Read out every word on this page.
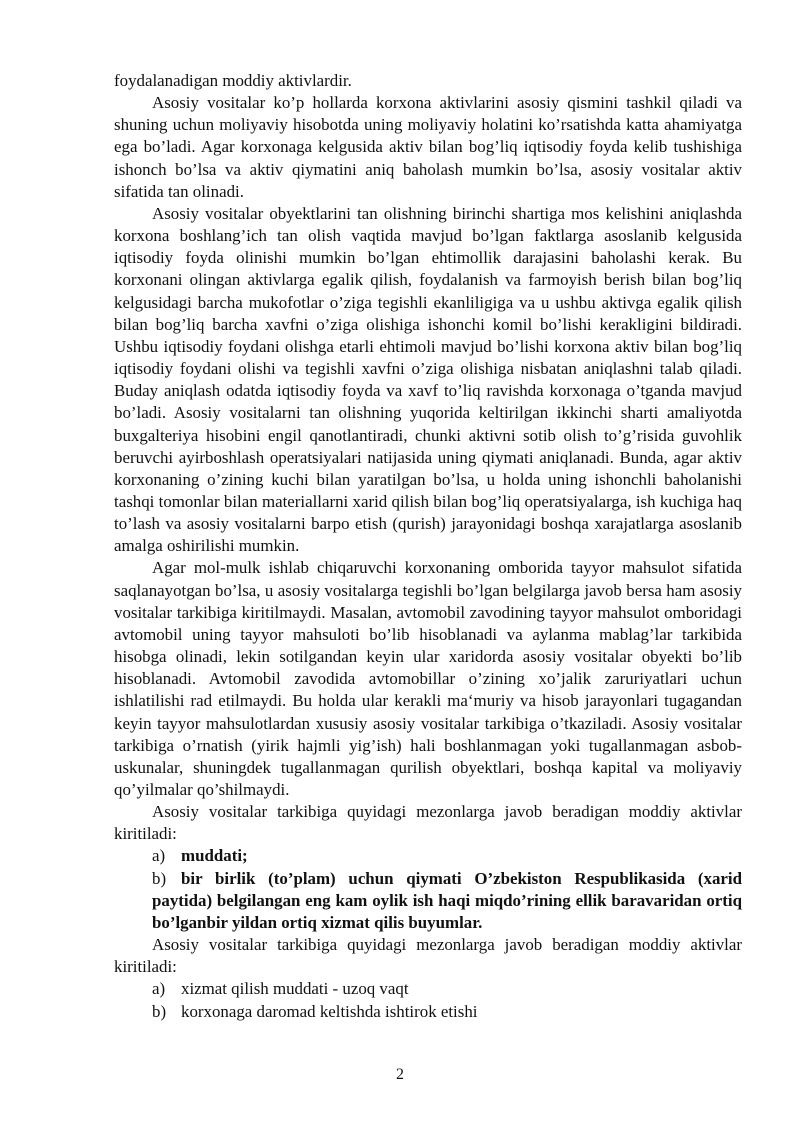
foydalanadigan moddiy aktivlardir.

Asosiy vositalar ko’p hollarda korxona aktivlarini asosiy qismini tashkil qiladi va shuning uchun moliyaviy hisobotda uning moliyaviy holatini ko’rsatishda katta ahamiyatga ega bo’ladi. Agar korxonaga kelgusida aktiv bilan bog’liq iqtisodiy foyda kelib tushishiga ishonch bo’lsa va aktiv qiymatini aniq baholash mumkin bo’lsa, asosiy vositalar aktiv sifatida tan olinadi.

Asosiy vositalar obyektlarini tan olishning birinchi shartiga mos kelishini aniqlashda korxona boshlang’ich tan olish vaqtida mavjud bo’lgan faktlarga asoslanib kelgusida iqtisodiy foyda olinishi mumkin bo’lgan ehtimollik darajasini baholashi kerak. Bu korxonani olingan aktivlarga egalik qilish, foydalanish va farmoyish berish bilan bog’liq kelgusidagi barcha mukofotlar o’ziga tegishli ekanliligiga va u ushbu aktivga egalik qilish bilan bog’liq barcha xavfni o’ziga olishiga ishonchi komil bo’lishi kerakligini bildiradi. Ushbu iqtisodiy foydani olishga etarli ehtimoli mavjud bo’lishi korxona aktiv bilan bog’liq iqtisodiy foydani olishi va tegishli xavfni o’ziga olishiga nisbatan aniqlashni talab qiladi. Buday aniqlash odatda iqtisodiy foyda va xavf to’liq ravishda korxonaga o’tganda mavjud bo’ladi. Asosiy vositalarni tan olishning yuqorida keltirilgan ikkinchi sharti amaliyotda buxgalteriya hisobini engil qanotlantiradi, chunki aktivni sotib olish to’g’risida guvohlik beruvchi ayirboshlash operatsiyalari natijasida uning qiymati aniqlanadi. Bunda, agar aktiv korxonaning o’zining kuchi bilan yaratilgan bo’lsa, u holda uning ishonchli baholanishi tashqi tomonlar bilan materiallarni xarid qilish bilan bog’liq operatsiyalarga, ish kuchiga haq to’lash va asosiy vositalarni barpo etish (qurish) jarayonidagi boshqa xarajatlarga asoslanib amalga oshirilishi mumkin.

Agar mol-mulk ishlab chiqaruvchi korxonaning omborida tayyor mahsulot sifatida saqlanayotgan bo’lsa, u asosiy vositalarga tegishli bo’lgan belgilarga javob bersa ham asosiy vositalar tarkibiga kiritilmaydi. Masalan, avtomobil zavodining tayyor mahsulot omboridagi avtomobil uning tayyor mahsuloti bo’lib hisoblanadi va aylanma mablag’lar tarkibida hisobga olinadi, lekin sotilgandan keyin ular xaridorda asosiy vositalar obyekti bo’lib hisoblanadi. Avtomobil zavodida avtomobillar o’zining xo’jalik zaruriyatlari uchun ishlatilishi rad etilmaydi. Bu holda ular kerakli ma‘muriy va hisob jarayonlari tugagandan keyin tayyor mahsulotlardan xususiy asosiy vositalar tarkibiga o’tkaziladi. Asosiy vositalar tarkibiga o’rnatish (yirik hajmli yig’ish) hali boshlanmagan yoki tugallanmagan asbob-uskunalar, shuningdek tugallanmagan qurilish obyektlari, boshqa kapital va moliyaviy qo’yilmalar qo’shilmaydi.

Asosiy vositalar tarkibiga quyidagi mezonlarga javob beradigan moddiy aktivlar kiritiladi:

a) muddati;

b) bir birlik (to’plam) uchun qiymati O’zbekiston Respublikasida (xarid paytida) belgilangan eng kam oylik ish haqi miqdo’rining ellik baravaridan ortiq bo’lganbir yildan ortiq xizmat qilis buyumlar.

Asosiy vositalar tarkibiga quyidagi mezonlarga javob beradigan moddiy aktivlar kiritiladi:

a) xizmat qilish muddati - uzoq vaqt

b) korxonaga daromad keltishda ishtirok etishi

2
